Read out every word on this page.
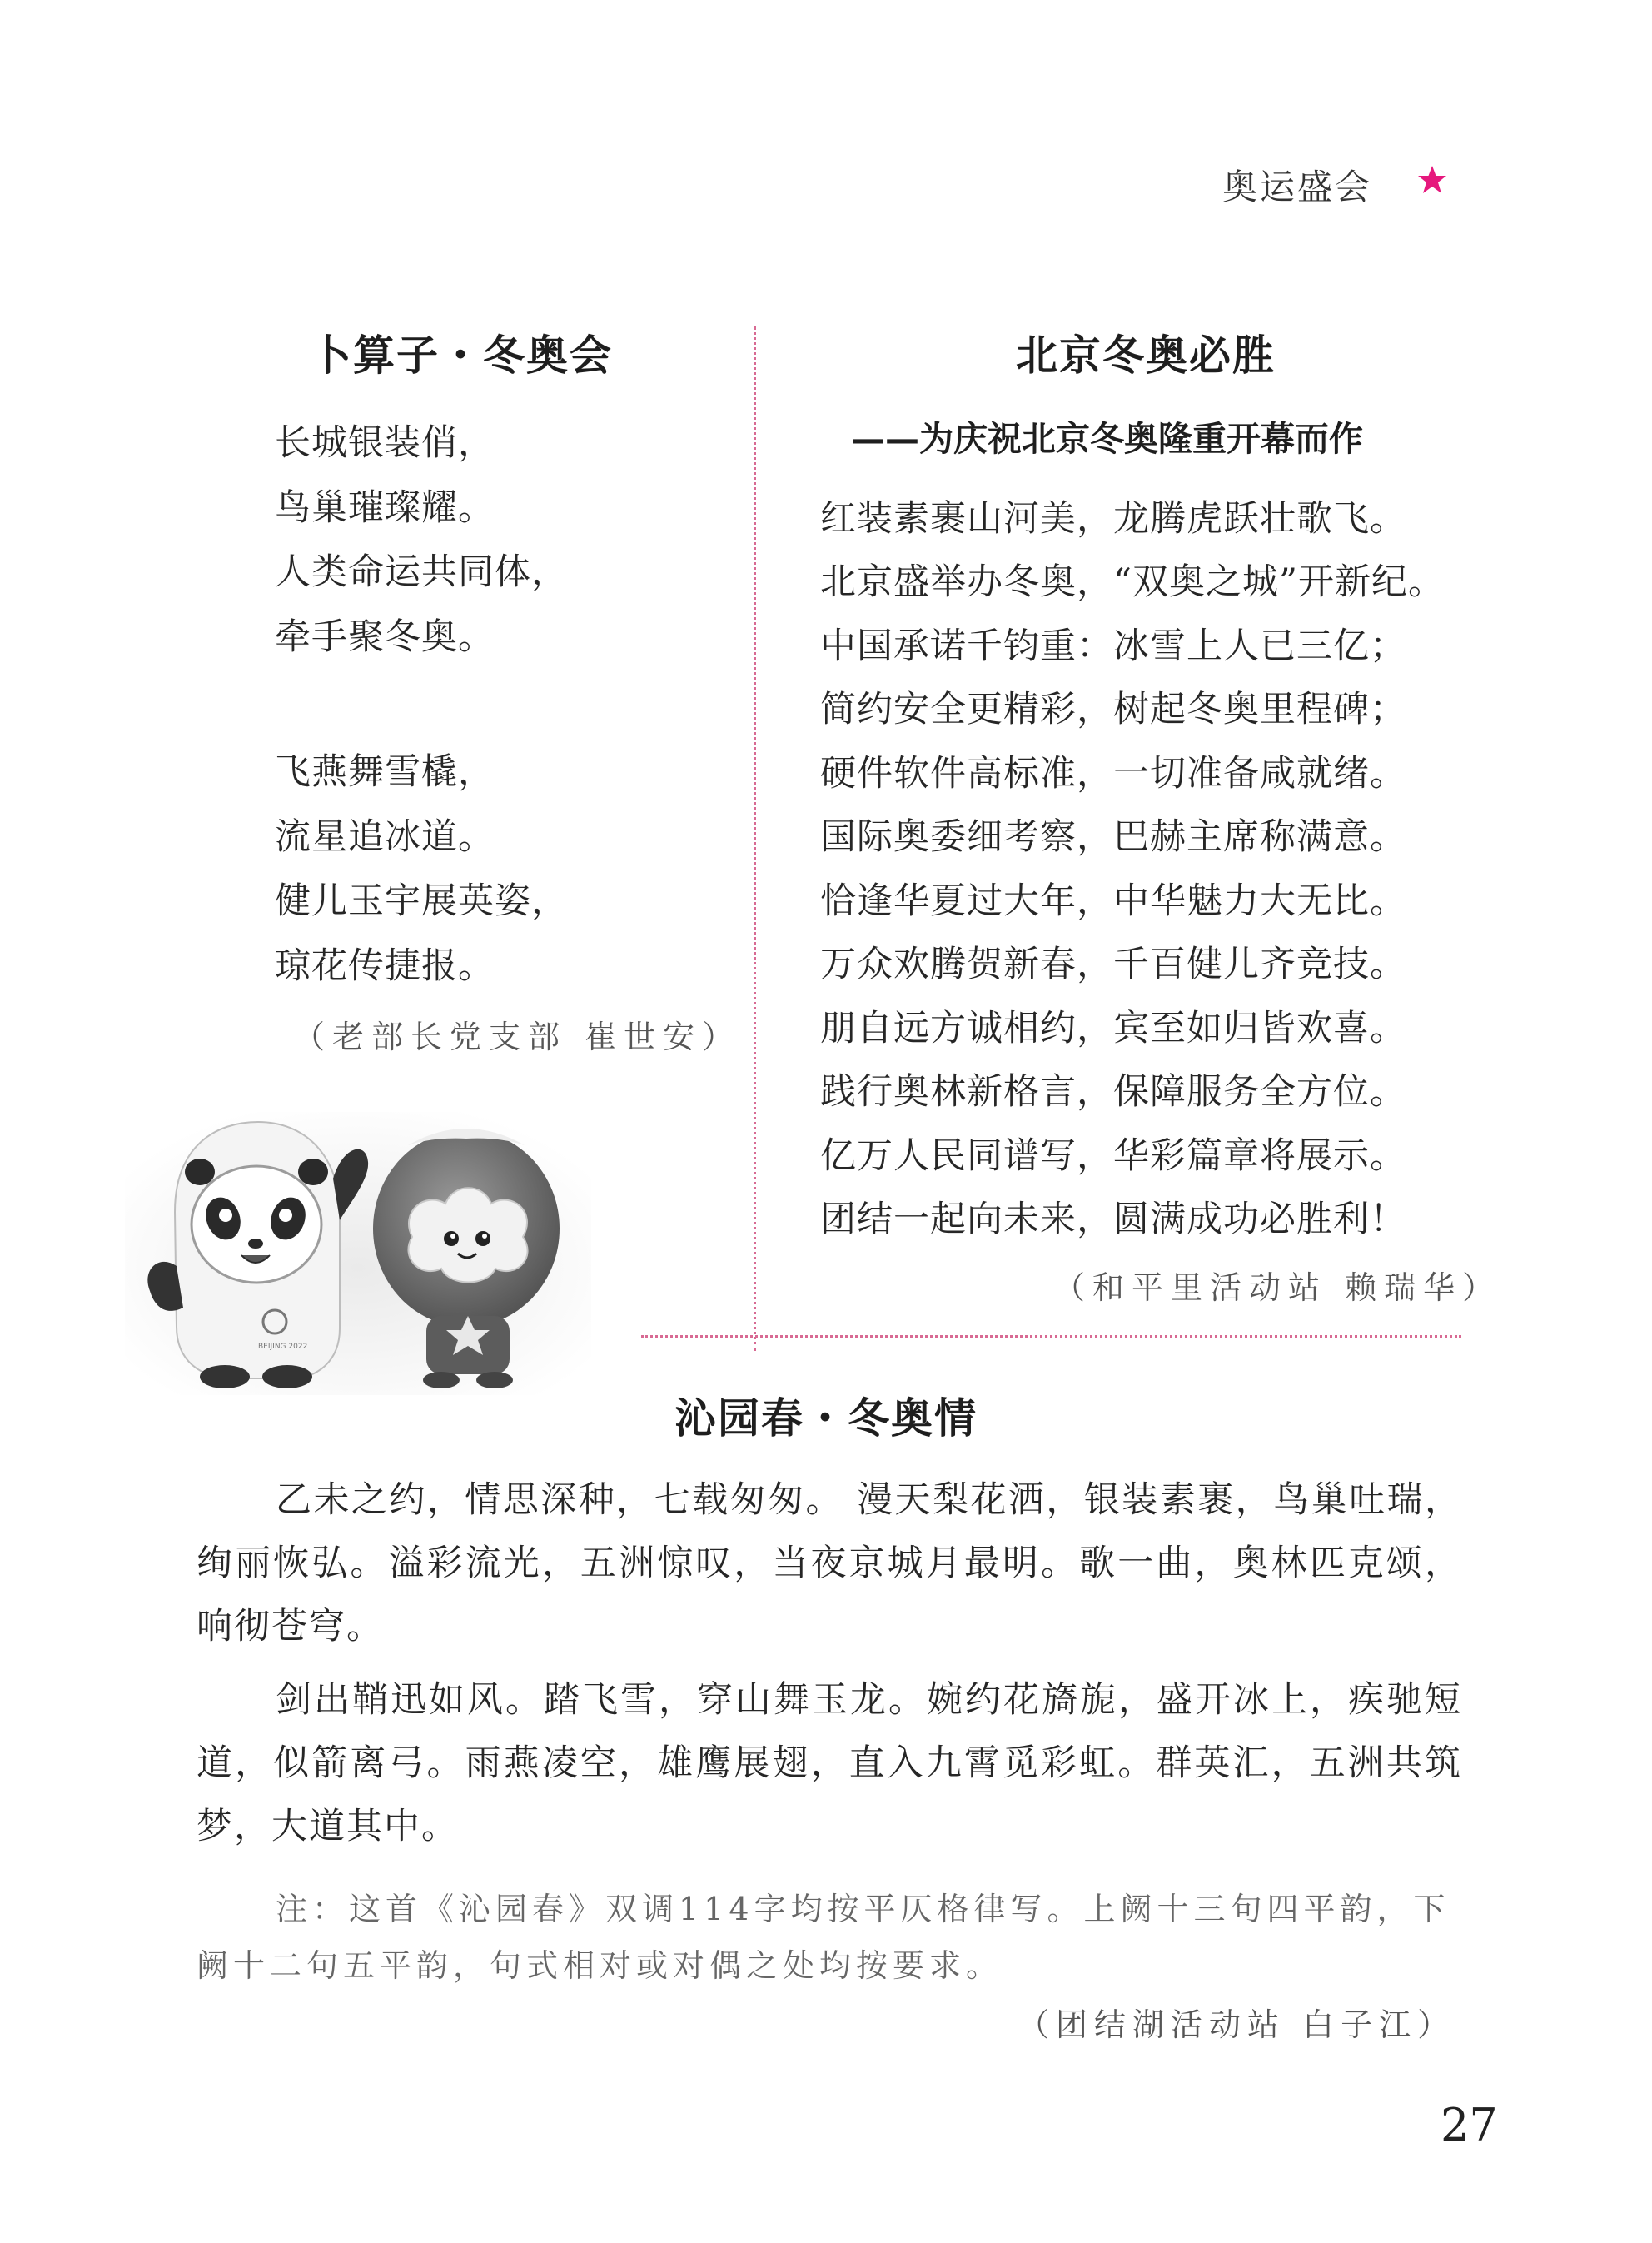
奥运盛会
卜算子・冬奥会
长城银装俏，
鸟巢璀璨耀。
人类命运共同体，
牵手聚冬奥。
飞燕舞雪橇，
流星追冰道。
健儿玉宇展英姿，
琼花传捷报。
（老部长党支部 崔世安）
北京冬奥必胜
——为庆祝北京冬奥隆重开幕而作
红装素裹山河美，龙腾虎跃壮歌飞。
北京盛举办冬奥，“双奥之城”开新纪。
中国承诺千钧重：冰雪上人已三亿；
简约安全更精彩，树起冬奥里程碑；
硬件软件高标准，一切准备咸就绪。
国际奥委细考察，巴赫主席称满意。
恰逢华夏过大年，中华魅力大无比。
万众欢腾贺新春，千百健儿齐竞技。
朋自远方诚相约，宾至如归皆欢喜。
践行奥林新格言，保障服务全方位。
亿万人民同谱写，华彩篇章将展示。
团结一起向未来，圆满成功必胜利！
（和平里活动站 赖瑞华）
BEIJING 2022
沁园春・冬奥情
乙未之约，情思深种，七载匆匆。 漫天梨花洒，银装素裹，鸟巢吐瑞，绚丽恢弘。溢彩流光，五洲惊叹，当夜京城月最明。歌一曲，奥林匹克颂，响彻苍穹。
剑出鞘迅如风。踏飞雪，穿山舞玉龙。婉约花旖旎，盛开冰上，疾驰短道，似箭离弓。雨燕凌空，雄鹰展翅，直入九霄觅彩虹。群英汇，五洲共筑梦，大道其中。
注：这首《沁园春》双调114字均按平仄格律写。上阙十三句四平韵，下阙十二句五平韵，句式相对或对偶之处均按要求。
（团结湖活动站 白子江）
27
